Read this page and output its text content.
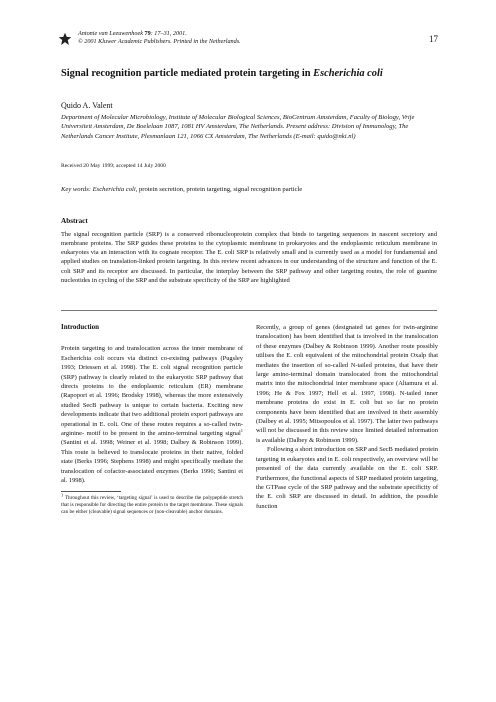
Antonie van Leeuwenhoek 79: 17–31, 2001.
© 2001 Kluwer Academic Publishers. Printed in the Netherlands.	17
Signal recognition particle mediated protein targeting in Escherichia coli
Quido A. Valent
Department of Molecular Microbiology, Institute of Molecular Biological Sciences, BioCentrum Amsterdam, Faculty of Biology, Vrije Universiteit Amsterdam, De Boelelaan 1087, 1081 HV Amsterdam, The Netherlands. Present address: Division of Immunology, The Netherlands Cancer Institute, Plesmanlaan 121, 1066 CX Amsterdam, The Netherlands (E-mail: quido@nki.nl)
Received 20 May 1999; accepted 14 July 2000
Key words: Escherichia coli, protein secretion, protein targeting, signal recognition particle
Abstract
The signal recognition particle (SRP) is a conserved ribonucleoprotein complex that binds to targeting sequences in nascent secretory and membrane proteins. The SRP guides these proteins to the cytoplasmic membrane in prokaryotes and the endoplasmic reticulum membrane in eukaryotes via an interaction with its cognate receptor. The E. coli SRP is relatively small and is currently used as a model for fundamental and applied studies on translation-linked protein targeting. In this review recent advances in our understanding of the structure and function of the E. coli SRP and its receptor are discussed. In particular, the interplay between the SRP pathway and other targeting routes, the role of guanine nucleotides in cycling of the SRP and the substrate specificity of the SRP are highlighted
Introduction

Protein targeting to and translocation across the inner membrane of Escherichia coli occurs via distinct co-existing pathways (Pugsley 1993; Driessen et al. 1998). The E. coli signal recognition particle (SRP) pathway is clearly related to the eukaryotic SRP pathway that directs proteins to the endoplasmic reticulum (ER) membrane (Rapoport et al. 1996; Brodsky 1998), whereas the more extensively studied SecB pathway is unique to certain bacteria. Exciting new developments indicate that two additional protein export pathways are operational in E. coli. One of these routes requires a so-called twin-arginine- motif to be present in the amino-terminal targeting signal$^1$ (Santini et al. 1998; Weiner et al. 1998; Dalbey & Robinson 1999). This route is believed to translocate proteins in their native, folded state (Berks 1996; Stephens 1998) and might specifically mediate the translocation of cofactor-associated enzymes (Berks 1996; Santini et al. 1998).

$^1$ Throughout this review, ‘targeting signal’ is used to describe the polypeptide stretch that is responsible for directing the entire protein to the target membrane. These signals can be either (cleavable) signal sequences or (non-cleavable) anchor domains.

Recently, a group of genes (designated tat genes for twin-arginine translocation) has been identified that is involved in the translocation of these enzymes (Dalbey & Robinson 1999). Another route possibly utilises the E. coli equivalent of the mitochondrial protein Oxalp that mediates the insertion of so-called N-tailed proteins, that have their large amino-terminal domain translocated from the mitochondrial matrix into the mitochondrial inter membrane space (Altamura et al. 1996; He & Fox 1997; Hell et al. 1997, 1998). N-tailed inner membrane proteins do exist in E. coli but so far no protein components have been identified that are involved in their assembly (Dalbey et al. 1995; Mitsopoulos et al. 1997). The latter two pathways will not be discussed in this review since limited detailed information is available (Dalbey & Robinson 1999).

Following a short introduction on SRP and SecB mediated protein targeting in eukaryotes and in E. coli respectively, an overview will be presented of the data currently available on the E. coli SRP. Furthermore, the functional aspects of SRP mediated protein targeting, the GTPase cycle of the SRP pathway and the substrate specificity of the E. coli SRP are discussed in detail. In addition, the possible function
